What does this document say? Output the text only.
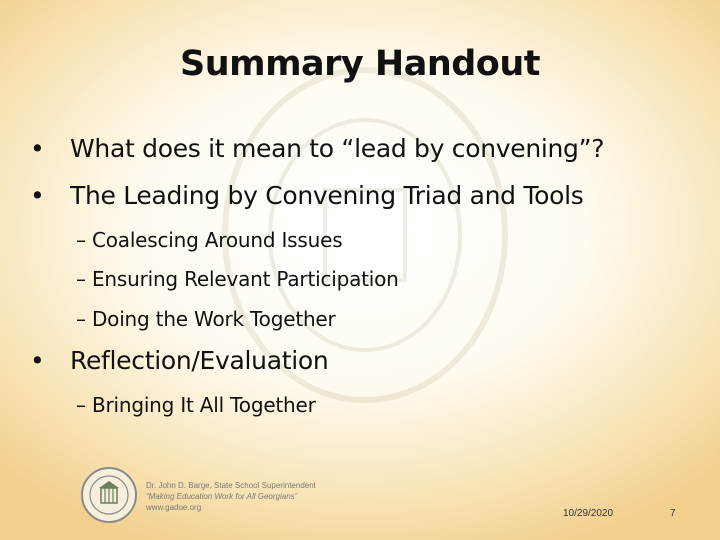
Summary Handout
• What does it mean to “lead by convening”?
• The Leading by Convening Triad and Tools
– Coalescing Around Issues
– Ensuring Relevant Participation
– Doing the Work Together
• Reflection/Evaluation
– Bringing It All Together
Dr. John D. Barge, State School Superintendent
“Making Education Work for All Georgians”
www.gadoe.org
10/29/2020	7
